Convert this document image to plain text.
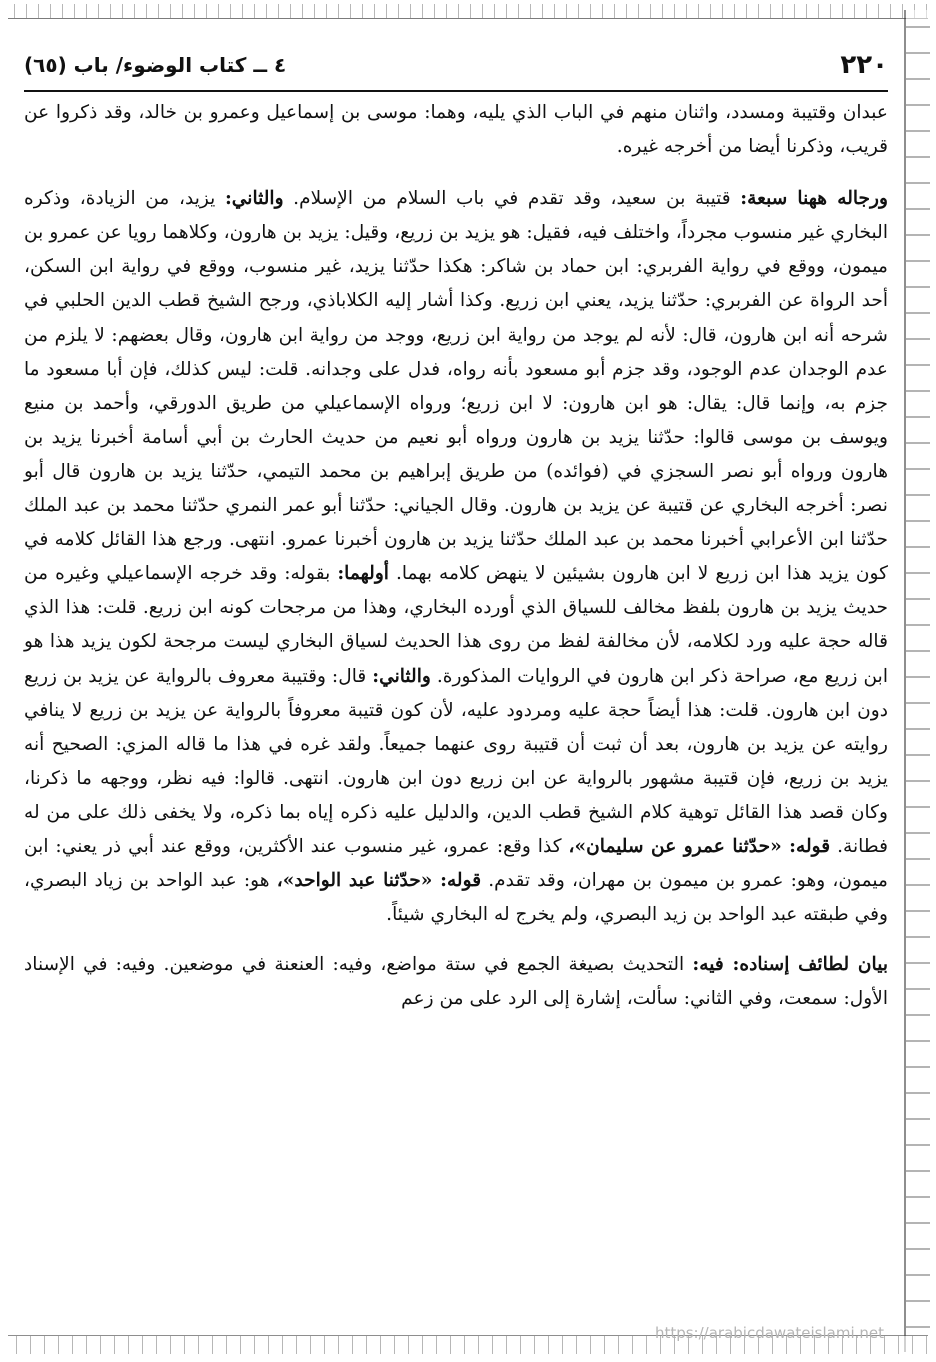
٢٢٠
٤ ــ كتاب الوضوء/ باب (٦٥)

عبدان وقتيبة ومسدد، واثنان منهم في الباب الذي يليه، وهما: موسى بن إسماعيل وعمرو بن خالد، وقد ذكروا عن قريب، وذكرنا أيضا من أخرجه غيره.

ورجاله ههنا سبعة: قتيبة بن سعيد، وقد تقدم في باب السلام من الإسلام. والثاني: يزيد، من الزيادة، وذكره البخاري غير منسوب مجرداً، واختلف فيه، فقيل: هو يزيد بن زريع، وقيل: يزيد بن هارون، وكلاهما رويا عن عمرو بن ميمون، ووقع في رواية الفربري: ابن حماد بن شاكر: هكذا حدّثنا يزيد، غير منسوب، ووقع في رواية ابن السكن، أحد الرواة عن الفربري: حدّثنا يزيد، يعني ابن زريع. وكذا أشار إليه الكلاباذي، ورجح الشيخ قطب الدين الحلبي في شرحه أنه ابن هارون، قال: لأنه لم يوجد من رواية ابن زريع، ووجد من رواية ابن هارون، وقال بعضهم: لا يلزم من عدم الوجدان عدم الوجود، وقد جزم أبو مسعود بأنه رواه، فدل على وجدانه. قلت: ليس كذلك، فإن أبا مسعود ما جزم به، وإنما قال: يقال: هو ابن هارون: لا ابن زريع؛ ورواه الإسماعيلي من طريق الدورقي، وأحمد بن منيع ويوسف بن موسى قالوا: حدّثنا يزيد بن هارون ورواه أبو نعيم من حديث الحارث بن أبي أسامة أخبرنا يزيد بن هارون ورواه أبو نصر السجزي في (فوائده) من طريق إبراهيم بن محمد التيمي، حدّثنا يزيد بن هارون قال أبو نصر: أخرجه البخاري عن قتيبة عن يزيد بن هارون. وقال الجياني: حدّثنا أبو عمر النمري حدّثنا محمد بن عبد الملك حدّثنا ابن الأعرابي أخبرنا محمد بن عبد الملك حدّثنا يزيد بن هارون أخبرنا عمرو. انتهى. ورجع هذا القائل كلامه في كون يزيد هذا ابن زريع لا ابن هارون بشيئين لا ينهض كلامه بهما. أولهما: بقوله: وقد خرجه الإسماعيلي وغيره من حديث يزيد بن هارون بلفظ مخالف للسياق الذي أورده البخاري، وهذا من مرجحات كونه ابن زريع. قلت: هذا الذي قاله حجة عليه ورد لكلامه، لأن مخالفة لفظ من روى هذا الحديث لسياق البخاري ليست مرجحة لكون يزيد هذا هو ابن زريع مع، صراحة ذكر ابن هارون في الروايات المذكورة. والثاني: قال: وقتيبة معروف بالرواية عن يزيد بن زريع دون ابن هارون. قلت: هذا أيضاً حجة عليه ومردود عليه، لأن كون قتيبة معروفاً بالرواية عن يزيد بن زريع لا ينافي روايته عن يزيد بن هارون، بعد أن ثبت أن قتيبة روى عنهما جميعاً. ولقد غره في هذا ما قاله المزي: الصحيح أنه يزيد بن زريع، فإن قتيبة مشهور بالرواية عن ابن زريع دون ابن هارون. انتهى. قالوا: فيه نظر، ووجهه ما ذكرنا، وكان قصد هذا القائل توهية كلام الشيخ قطب الدين، والدليل عليه ذكره إياه بما ذكره، ولا يخفى ذلك على من له فطانة. قوله: «حدّثنا عمرو عن سليمان»، كذا وقع: عمرو، غير منسوب عند الأكثرين، ووقع عند أبي ذر يعني: ابن ميمون، وهو: عمرو بن ميمون بن مهران، وقد تقدم. قوله: «حدّثنا عبد الواحد»، هو: عبد الواحد بن زياد البصري، وفي طبقته عبد الواحد بن زيد البصري، ولم يخرج له البخاري شيئاً.

بيان لطائف إسناده: فيه: التحديث بصيغة الجمع في ستة مواضع، وفيه: العنعنة في موضعين. وفيه: في الإسناد الأول: سمعت، وفي الثاني: سألت، إشارة إلى الرد على من زعم

https://arabicdawateislami.net
